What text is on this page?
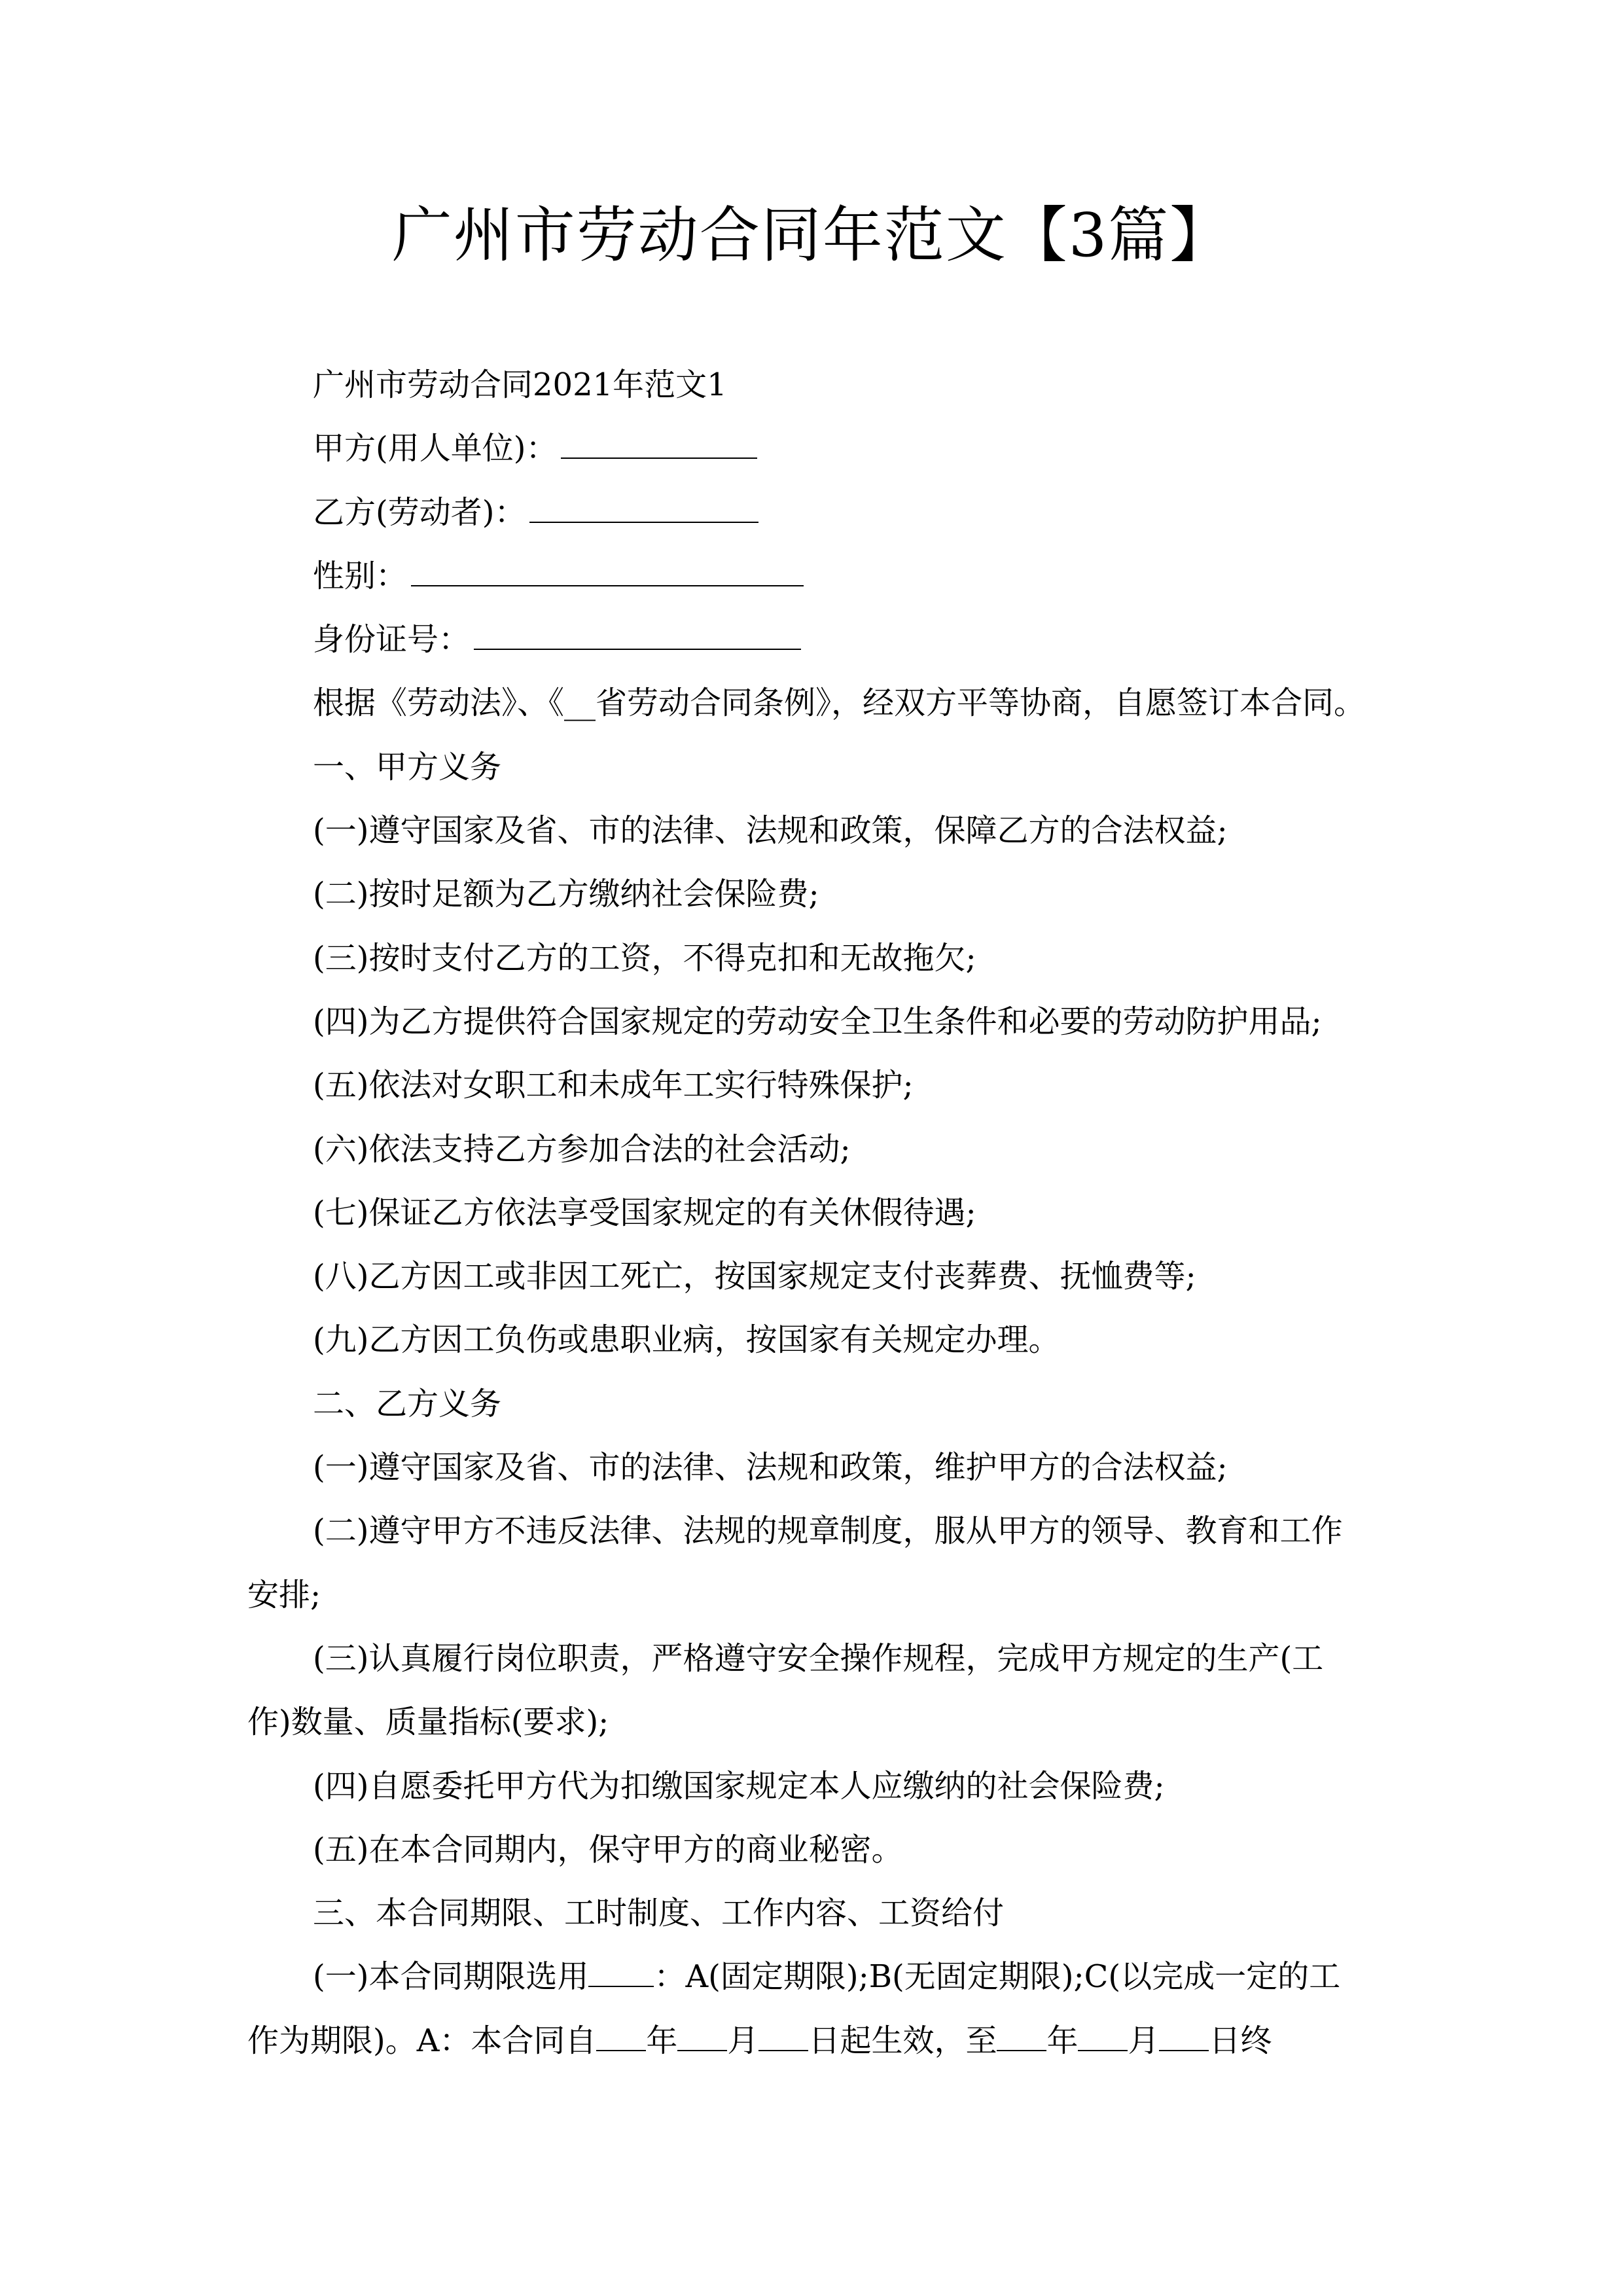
广州市劳动合同年范文【3篇】
广州市劳动合同2021年范文1
甲方(用人单位)：
乙方(劳动者)：
性别：
身份证号：
根据《劳动法》、《__省劳动合同条例》，经双方平等协商，自愿签订本合同。
一、甲方义务
(一)遵守国家及省、市的法律、法规和政策，保障乙方的合法权益;
(二)按时足额为乙方缴纳社会保险费;
(三)按时支付乙方的工资，不得克扣和无故拖欠;
(四)为乙方提供符合国家规定的劳动安全卫生条件和必要的劳动防护用品;
(五)依法对女职工和未成年工实行特殊保护;
(六)依法支持乙方参加合法的社会活动;
(七)保证乙方依法享受国家规定的有关休假待遇;
(八)乙方因工或非因工死亡，按国家规定支付丧葬费、抚恤费等;
(九)乙方因工负伤或患职业病，按国家有关规定办理。
二、乙方义务
(一)遵守国家及省、市的法律、法规和政策，维护甲方的合法权益;
(二)遵守甲方不违反法律、法规的规章制度，服从甲方的领导、教育和工作
安排;
(三)认真履行岗位职责，严格遵守安全操作规程，完成甲方规定的生产(工
作)数量、质量指标(要求);
(四)自愿委托甲方代为扣缴国家规定本人应缴纳的社会保险费;
(五)在本合同期内，保守甲方的商业秘密。
三、本合同期限、工时制度、工作内容、工资给付
(一)本合同期限选用 ：A(固定期限);B(无固定期限);C(以完成一定的工
作为期限)。A：本合同自 年 月 日起生效，至 年 月 日终
